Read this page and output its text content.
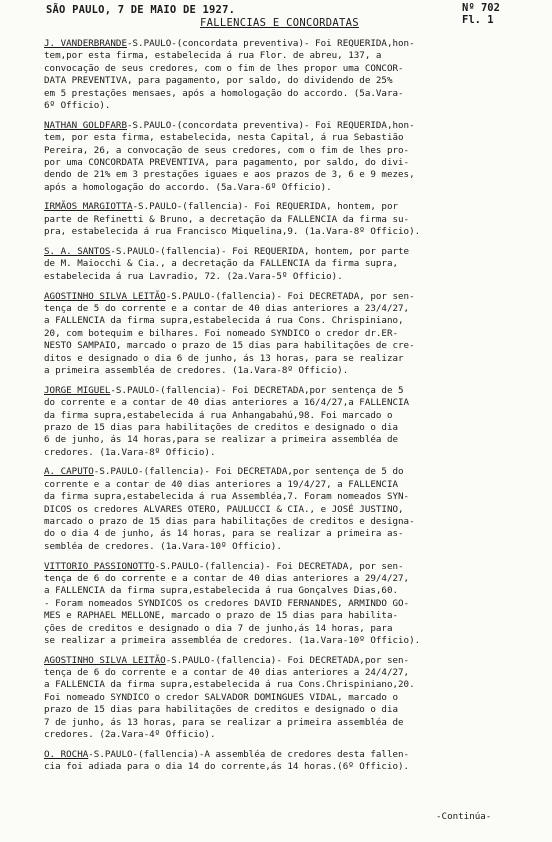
SÃO PAULO, 7 DE MAIO DE 1927.	Nº 702
Fl. 1
FALLENCIAS E CONCORDATAS
J. VANDERBRANDE-S.PAULO-(concordata preventiva)- Foi REQUERIDA,hon-
tem,por esta firma, estabelecida á rua Flor. de abreu, 137, a
convocação de seus credores, com o fim de lhes propor uma CONCOR-
DATA PREVENTIVA, para pagamento, por saldo, do dividendo de 25%
em 5 prestações mensaes, após a homologação do accordo. (5a.Vara-
6º Officio).
NATHAN GOLDFARB-S.PAULO-(concordata preventiva)- Foi REQUERIDA,hon-
tem, por esta firma, estabelecida, nesta Capital, á rua Sebastião
Pereira, 26, a convocação de seus credores, com o fim de lhes pro-
por uma CONCORDATA PREVENTIVA, para pagamento, por saldo, do divi-
dendo de 21% em 3 prestações iguaes e aos prazos de 3, 6 e 9 mezes,
após a homologação do accordo. (5a.Vara-6º Officio).
IRMÃOS MARGIOTTA-S.PAULO-(fallencia)- Foi REQUERIDA, hontem, por
parte de Refinetti & Bruno, a decretação da FALLENCIA da firma su-
pra, estabelecida á rua Francisco Miquelina,9. (1a.Vara-8º Officio).
S. A. SANTOS-S.PAULO-(fallencia)- Foi REQUERIDA, hontem, por parte
de M. Maiocchi & Cia., a decretação da FALLENCIA da firma supra,
estabelecida á rua Lavradio, 72. (2a.Vara-5º Officio).
AGOSTINHO SILVA LEITÃO-S.PAULO-(fallencia)- Foi DECRETADA, por sen-
tença de 5 do corrente e a contar de 40 dias anteriores a 23/4/27,
a FALLENCIA da firma supra,estabelecida á rua Cons. Chrispiniano,
20, com botequim e bilhares. Foi nomeado SYNDICO o credor dr.ER-
NESTO SAMPAIO, marcado o prazo de 15 dias para habilitações de cre-
ditos e designado o dia 6 de junho, ás 13 horas, para se realizar
a primeira assembléa de credores. (1a.Vara-8º Officio).
JORGE MIGUEL-S.PAULO-(fallencia)- Foi DECRETADA,por sentença de 5
do corrente e a contar de 40 dias anteriores a 16/4/27,a FALLENCIA
da firma supra,estabelecida á rua Anhangabahú,98. Foi marcado o
prazo de 15 dias para habilitações de creditos e designado o dia
6 de junho, ás 14 horas,para se realizar a primeira assembléa de
credores. (1a.Vara-8º Officio).
A. CAPUTO-S.PAULO-(fallencia)- Foi DECRETADA,por sentença de 5 do
corrente e a contar de 40 dias anteriores a 19/4/27, a FALLENCIA
da firma supra,estabelecida á rua Assembléa,7. Foram nomeados SYN-
DICOS os credores ALVARES OTERO, PAULUCCI & CIA., e JOSÉ JUSTINO,
marcado o prazo de 15 dias para habilitações de creditos e designa-
do o dia 4 de junho, ás 14 horas, para se realizar a primeira as-
sembléa de credores. (1a.Vara-10º Officio).
VITTORIO PASSIONOTTO-S.PAULO-(fallencia)- Foi DECRETADA, por sen-
tença de 6 do corrente e a contar de 40 dias anteriores a 29/4/27,
a FALLENCIA da firma supra,estabelecida á rua Gonçalves Dias,60.
- Foram nomeados SYNDICOS os credores DAVID FERNANDES, ARMINDO GO-
MES e RAPHAEL MELLONE, marcado o prazo de 15 dias para habilita-
ções de creditos e designado o dia 7 de junho,ás 14 horas, para
se realizar a primeira assembléa de credores. (1a.Vara-10º Officio).
AGOSTINHO SILVA LEITÃO-S.PAULO-(fallencia)- Foi DECRETADA,por sen-
tença de 6 do corrente e a contar de 40 dias anteriores a 24/4/27,
a FALLENCIA da firma supra,estabelecida á rua Cons.Chrispiniano,20.
Foi nomeado SYNDICO o credor SALVADOR DOMINGUES VIDAL, marcado o
prazo de 15 dias para habilitações de creditos e designado o dia
7 de junho, ás 13 horas, para se realizar a primeira assembléa de
credores. (2a.Vara-4º Officio).
O. ROCHA-S.PAULO-(fallencia)-A assembléa de credores desta fallen-
cia foi adiada para o dia 14 do corrente,ás 14 horas.(6º Officio).
-Continúa-
